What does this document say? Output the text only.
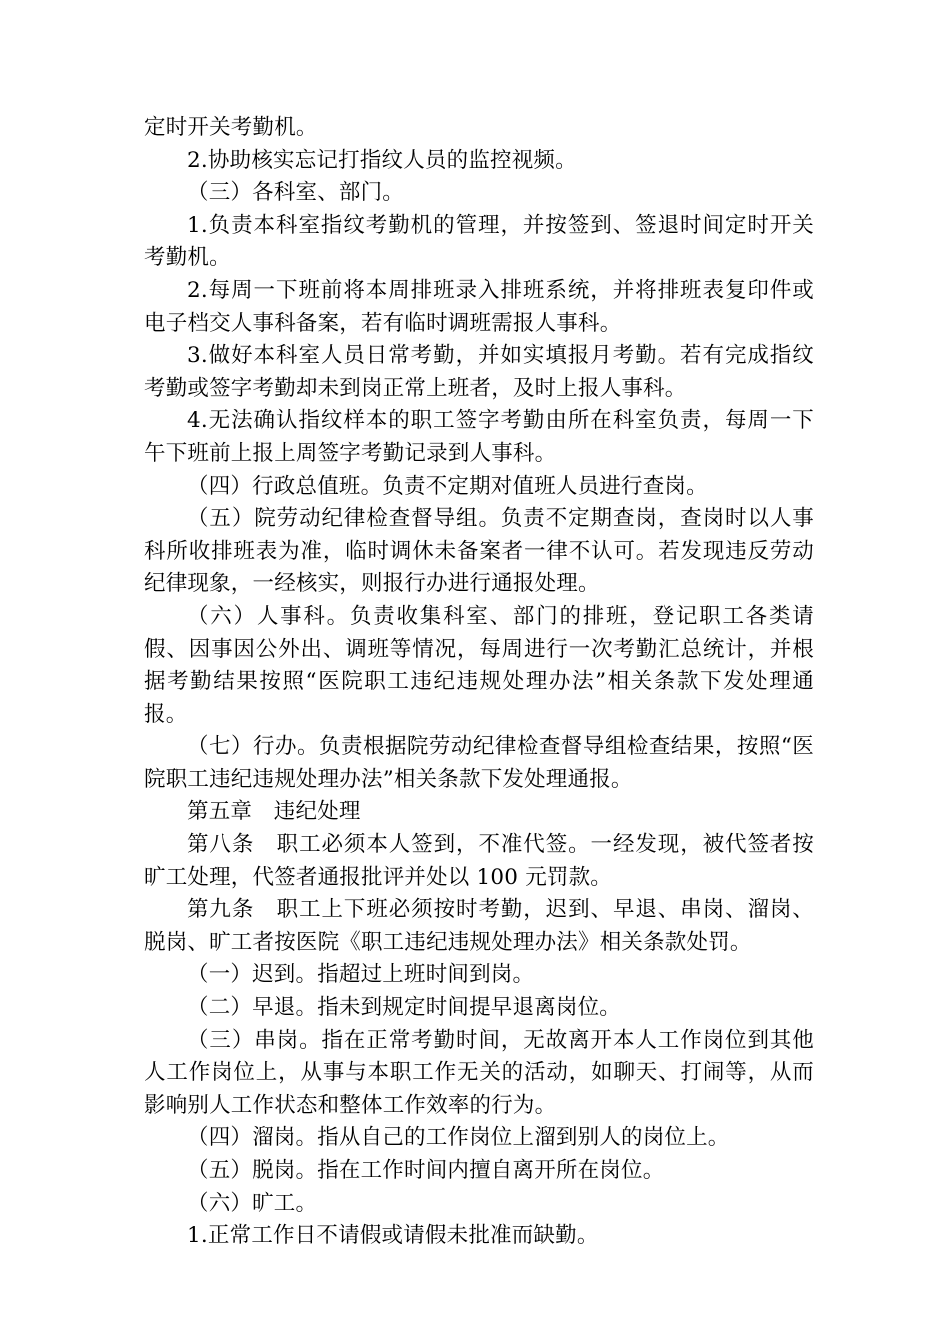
定时开关考勤机。

2.协助核实忘记打指纹人员的监控视频。

（三）各科室、部门。

1.负责本科室指纹考勤机的管理，并按签到、签退时间定时开关考勤机。

2.每周一下班前将本周排班录入排班系统，并将排班表复印件或电子档交人事科备案，若有临时调班需报人事科。

3.做好本科室人员日常考勤，并如实填报月考勤。若有完成指纹考勤或签字考勤却未到岗正常上班者，及时上报人事科。

4.无法确认指纹样本的职工签字考勤由所在科室负责，每周一下午下班前上报上周签字考勤记录到人事科。

（四）行政总值班。负责不定期对值班人员进行查岗。

（五）院劳动纪律检查督导组。负责不定期查岗，查岗时以人事科所收排班表为准，临时调休未备案者一律不认可。若发现违反劳动纪律现象，一经核实，则报行办进行通报处理。

（六）人事科。负责收集科室、部门的排班，登记职工各类请假、因事因公外出、调班等情况，每周进行一次考勤汇总统计，并根据考勤结果按照“医院职工违纪违规处理办法”相关条款下发处理通报。

（七）行办。负责根据院劳动纪律检查督导组检查结果，按照“医院职工违纪违规处理办法”相关条款下发处理通报。

第五章　违纪处理

第八条　职工必须本人签到，不准代签。一经发现，被代签者按旷工处理，代签者通报批评并处以 100 元罚款。

第九条　职工上下班必须按时考勤，迟到、早退、串岗、溜岗、脱岗、旷工者按医院《职工违纪违规处理办法》相关条款处罚。

（一）迟到。指超过上班时间到岗。

（二）早退。指未到规定时间提早退离岗位。

（三）串岗。指在正常考勤时间，无故离开本人工作岗位到其他人工作岗位上，从事与本职工作无关的活动，如聊天、打闹等，从而影响别人工作状态和整体工作效率的行为。

（四）溜岗。指从自己的工作岗位上溜到别人的岗位上。

（五）脱岗。指在工作时间内擅自离开所在岗位。

（六）旷工。

1.正常工作日不请假或请假未批准而缺勤。
